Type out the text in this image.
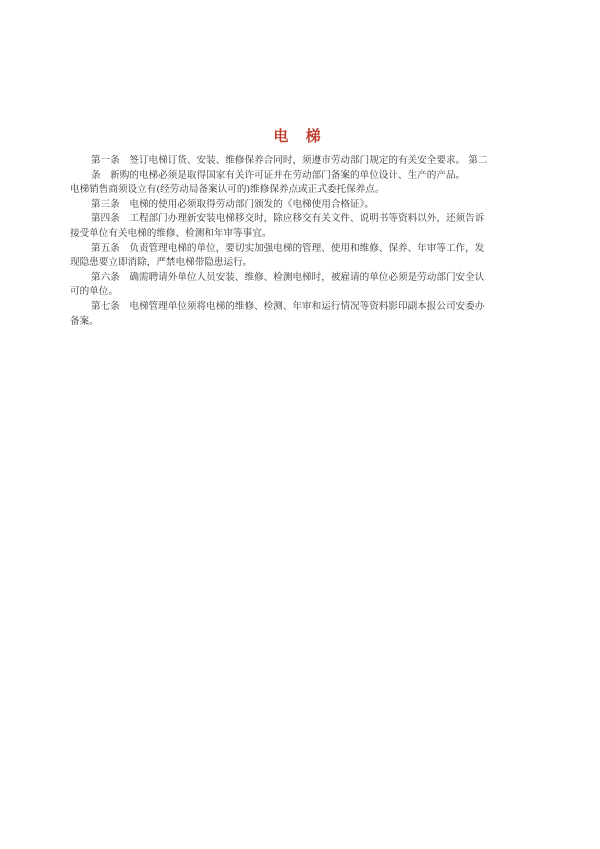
电 梯
第一条　签订电梯订货、安装、维修保养合同时，须遵市劳动部门规定的有关安全要求。 第二
条　新购的电梯必须是取得国家有关许可证并在劳动部门备案的单位设计、生产的产品。
电梯销售商须设立有(经劳动局备案认可的)维修保养点或正式委托保养点。
第三条　电梯的使用必须取得劳动部门颁发的《电梯使用合格证》。
第四条　工程部门办理新安装电梯移交时，除应移交有关文件、说明书等资料以外，还须告诉
接受单位有关电梯的维修、检测和年审等事宜。
第五条　负责管理电梯的单位，要切实加强电梯的管理、使用和维修、保养、年审等工作，发
现隐患要立即消除，严禁电梯带隐患运行。
第六条　确需聘请外单位人员安装、维修、检测电梯时，被雇请的单位必须是劳动部门安全认
可的单位。
第七条　电梯管理单位须将电梯的维修、检测、年审和运行情况等资料影印副本报公司安委办
备案。
